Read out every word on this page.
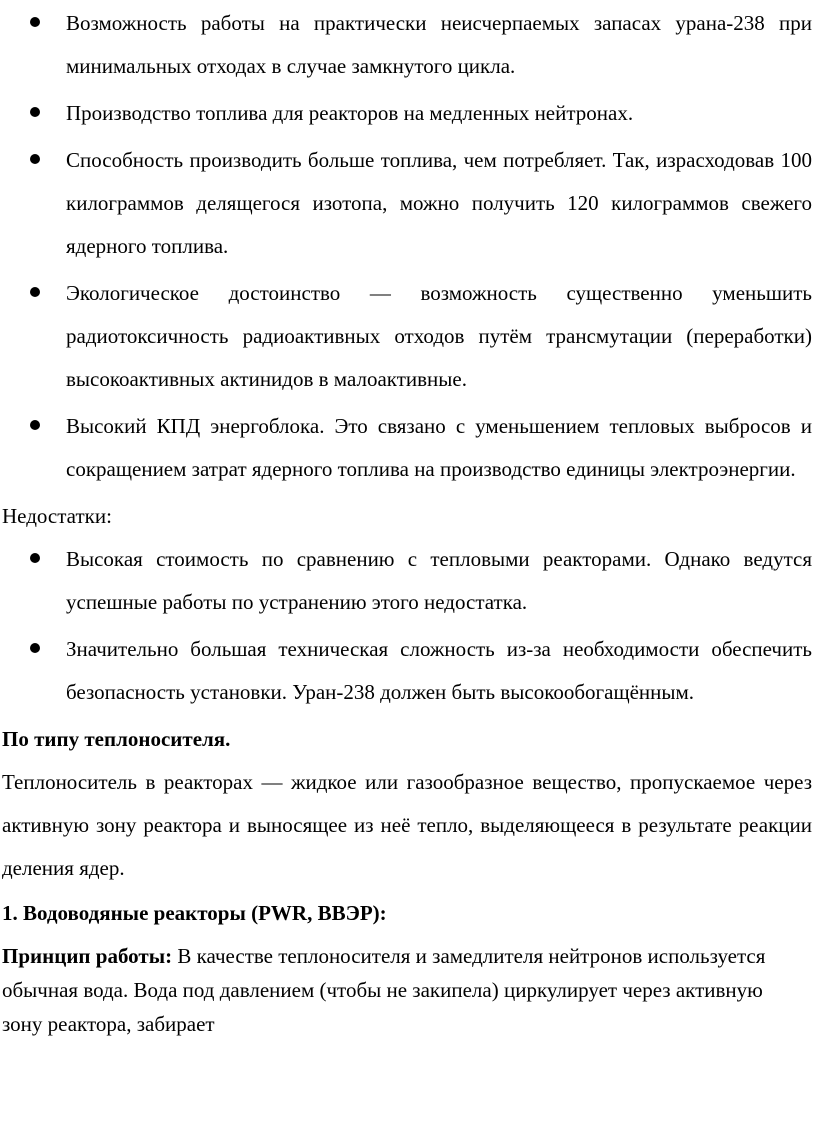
Возможность работы на практически неисчерпаемых запасах урана-238 при минимальных отходах в случае замкнутого цикла.
Производство топлива для реакторов на медленных нейтронах.
Способность производить больше топлива, чем потребляет. Так, израсходовав 100 килограммов делящегося изотопа, можно получить 120 килограммов свежего ядерного топлива.
Экологическое достоинство — возможность существенно уменьшить радиотоксичность радиоактивных отходов путём трансмутации (переработки) высокоактивных актинидов в малоактивные.
Высокий КПД энергоблока. Это связано с уменьшением тепловых выбросов и сокращением затрат ядерного топлива на производство единицы электроэнергии.

Недостатки:

Высокая стоимость по сравнению с тепловыми реакторами. Однако ведутся успешные работы по устранению этого недостатка.
Значительно большая техническая сложность из-за необходимости обеспечить безопасность установки. Уран-238 должен быть высокообогащённым.

По типу теплоносителя.

Теплоноситель в реакторах — жидкое или газообразное вещество, пропускаемое через активную зону реактора и выносящее из неё тепло, выделяющееся в результате реакции деления ядер.

1. Водоводяные реакторы (PWR, ВВЭР):

Принцип работы: В качестве теплоносителя и замедлителя нейтронов используется обычная вода. Вода под давлением (чтобы не закипела) циркулирует через активную зону реактора, забирает
